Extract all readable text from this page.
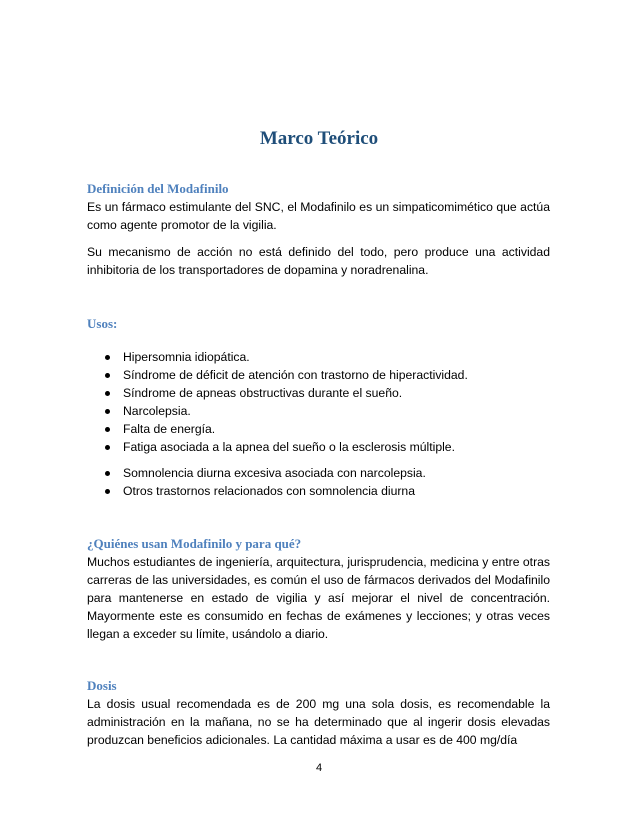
Marco Teórico
Definición del Modafinilo

Es un fármaco estimulante del SNC, el Modafinilo es un simpaticomimético que actúa como agente promotor de la vigilia.

Su mecanismo de acción no está definido del todo, pero produce una actividad inhibitoria de los transportadores de dopamina y noradrenalina.

Usos:
Hipersomnia idiopática.
Síndrome de déficit de atención con trastorno de hiperactividad.
Síndrome de apneas obstructivas durante el sueño.
Narcolepsia.
Falta de energía.
Fatiga asociada a la apnea del sueño o la esclerosis múltiple.
Somnolencia diurna excesiva asociada con narcolepsia.
Otros trastornos relacionados con somnolencia diurna
¿Quiénes usan Modafinilo y para qué?

Muchos estudiantes de ingeniería, arquitectura, jurisprudencia, medicina y entre otras carreras de las universidades, es común el uso de fármacos derivados del Modafinilo para mantenerse en estado de vigilia y así mejorar el nivel de concentración. Mayormente este es consumido en fechas de exámenes y lecciones; y otras veces llegan a exceder su límite, usándolo a diario.

Dosis

La dosis usual recomendada es de 200 mg una sola dosis, es recomendable la administración en la mañana, no se ha determinado que al ingerir dosis elevadas produzcan beneficios adicionales. La cantidad máxima a usar es de 400 mg/día

4
